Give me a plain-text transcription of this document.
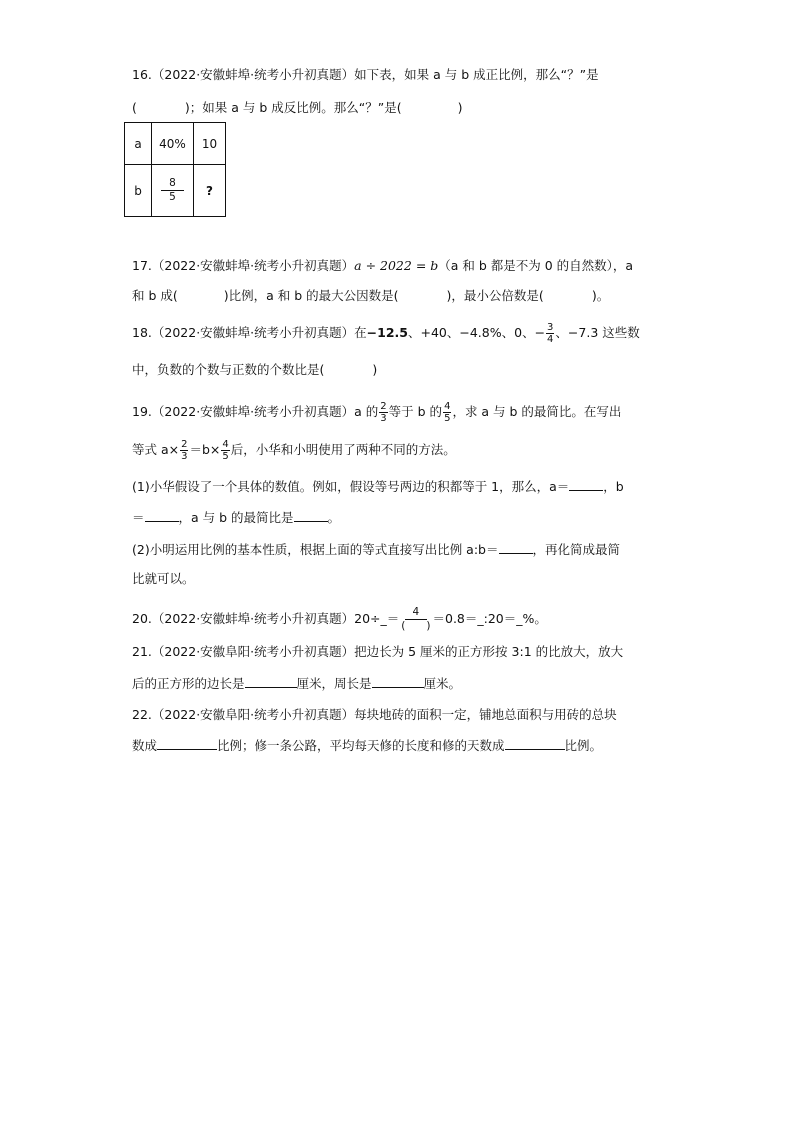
16.（2022·安徽蚌埠·统考小升初真题）如下表，如果 a 与 b 成正比例，那么“？”是
(	)；如果 a 与 b 成反比例。那么“？”是(	)
a	40%	10
b	$\frac{8}{5}$	?
17.（2022·安徽蚌埠·统考小升初真题）a ÷ 2022 = b（a 和 b 都是不为 0 的自然数），a
和 b 成(	)比例，a 和 b 的最大公因数是(	)，最小公倍数是(	)。
18.（2022·安徽蚌埠·统考小升初真题）在−12.5、+40、−4.8%、0、− $\frac{3}{4}$ 、−7.3 这些数
中，负数的个数与正数的个数比是(	)
19.（2022·安徽蚌埠·统考小升初真题）a 的 $\frac{2}{3}$ 等于 b 的 $\frac{4}{5}$ ，求 a 与 b 的最简比。在写出
等式 $a\times \frac{2}{3} =b\times \frac{4}{5}$ 后，小华和小明使用了两种不同的方法。
(1)小华假设了一个具体的数值。例如，假设等号两边的积都等于 1，那么，a＝	，b
＝	，a 与 b 的最简比是	。
(2)小明运用比例的基本性质，根据上面的等式直接写出比例 a:b＝	，再化简成最简
比就可以。
20.（2022·安徽蚌埠·统考小升初真题）20÷_＝ $\frac{4}{( )}$ ＝0.8＝_:20＝_%。
21.（2022·安徽阜阳·统考小升初真题）把边长为 5 厘米的正方形按 3:1 的比放大，放大
后的正方形的边长是	厘米，周长是	厘米。
22.（2022·安徽阜阳·统考小升初真题）每块地砖的面积一定，铺地总面积与用砖的总块
数成	比例；修一条公路，平均每天修的长度和修的天数成	比例。
